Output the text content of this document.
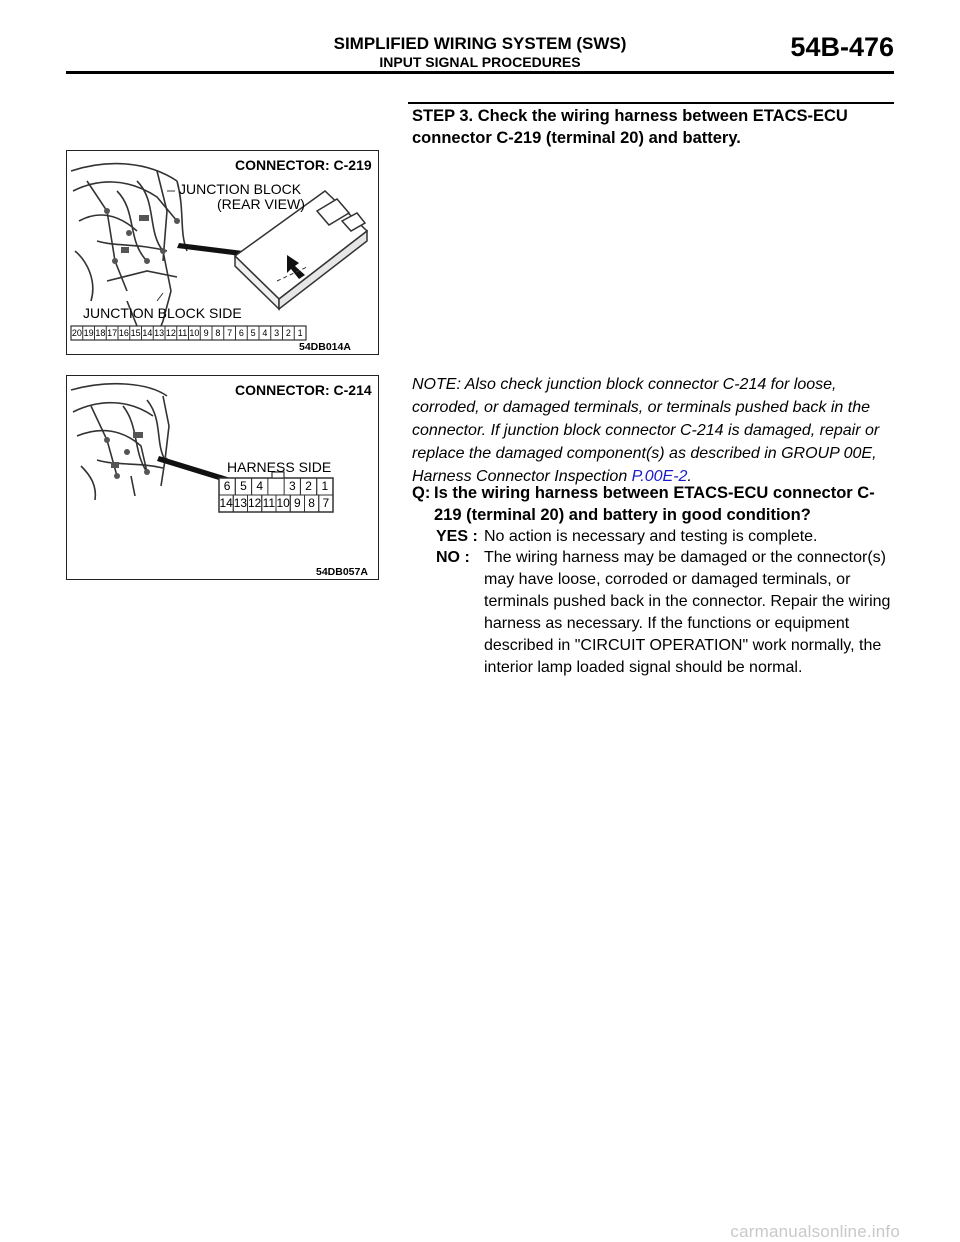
SIMPLIFIED WIRING SYSTEM (SWS)
INPUT SIGNAL PROCEDURES	54B-476
STEP 3. Check the wiring harness between ETACS-ECU connector C-219 (terminal 20) and battery.
CONNECTOR: C-219
JUNCTION BLOCK
(REAR VIEW)
JUNCTION BLOCK SIDE
20 19 18 17 16 15 14 13 12 11 10 9 8 7 6 5 4 3 2 1
54DB014A
CONNECTOR: C-214
HARNESS SIDE
6 5 4	3 2 1
14 13 12 11 10 9 8 7
54DB057A
NOTE: Also check junction block connector C-214 for loose, corroded, or damaged terminals, or terminals pushed back in the connector. If junction block connector C-214 is damaged, repair or replace the damaged component(s) as described in GROUP 00E, Harness Connector Inspection P.00E-2.
Q: Is the wiring harness between ETACS-ECU connector C-219 (terminal 20) and battery in good condition?
YES : No action is necessary and testing is complete.
NO : The wiring harness may be damaged or the connector(s) may have loose, corroded or damaged terminals, or terminals pushed back in the connector. Repair the wiring harness as necessary. If the functions or equipment described in "CIRCUIT OPERATION" work normally, the interior lamp loaded signal should be normal.
carmanualsonline.info
